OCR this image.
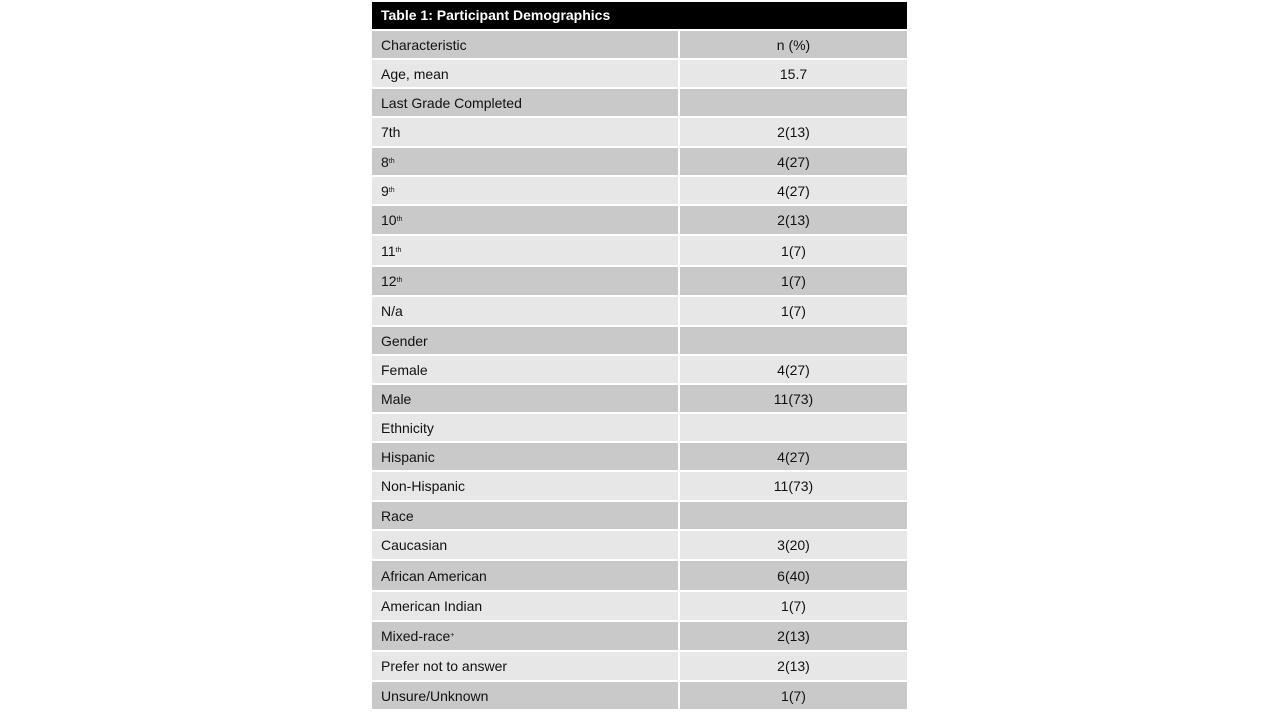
Table 1: Participant Demographics
Characteristic	n (%)
Age, mean	15.7
Last Grade Completed
7th	2(13)
8 th	4(27)
9 th	4(27)
10 th	2(13)
11 th	1(7)
12 th	1(7)
N/a	1(7)
Gender
Female	4(27)
Male	11(73)
Ethnicity
Hispanic	4(27)
Non-Hispanic	11(73)
Race
Caucasian	3(20)
African American	6(40)
American Indian	1(7)
Mixed-race +	2(13)
Prefer not to answer	2(13)
Unsure/Unknown	1(7)
